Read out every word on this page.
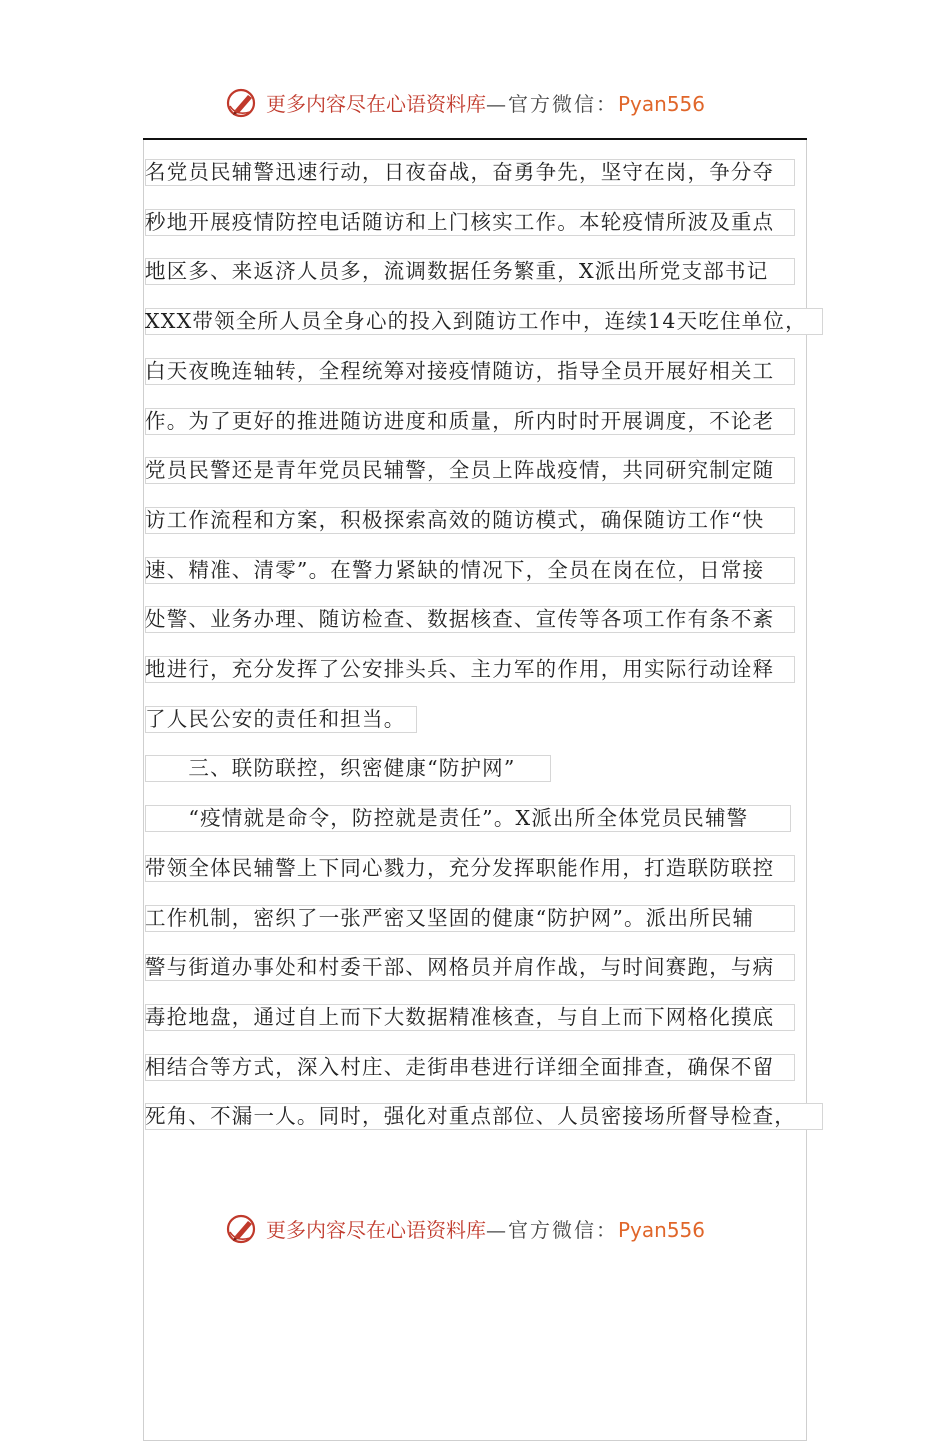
更多内容尽在心语资料库—官方微信：Pyan556
名党员民辅警迅速行动，日夜奋战，奋勇争先，坚守在岗，争分夺
秒地开展疫情防控电话随访和上门核实工作。本轮疫情所波及重点
地区多、来返济人员多，流调数据任务繁重，X派出所党支部书记
XXX带领全所人员全身心的投入到随访工作中，连续14天吃住单位，
白天夜晚连轴转，全程统筹对接疫情随访，指导全员开展好相关工
作。为了更好的推进随访进度和质量，所内时时开展调度，不论老
党员民警还是青年党员民辅警，全员上阵战疫情，共同研究制定随
访工作流程和方案，积极探索高效的随访模式，确保随访工作“快
速、精准、清零”。在警力紧缺的情况下，全员在岗在位，日常接
处警、业务办理、随访检查、数据核查、宣传等各项工作有条不紊
地进行，充分发挥了公安排头兵、主力军的作用，用实际行动诠释
了人民公安的责任和担当。
　　三、联防联控，织密健康“防护网”
　　“疫情就是命令，防控就是责任”。X派出所全体党员民辅警
带领全体民辅警上下同心戮力，充分发挥职能作用，打造联防联控
工作机制，密织了一张严密又坚固的健康“防护网”。派出所民辅
警与街道办事处和村委干部、网格员并肩作战，与时间赛跑，与病
毒抢地盘，通过自上而下大数据精准核查，与自上而下网格化摸底
相结合等方式，深入村庄、走街串巷进行详细全面排查，确保不留
死角、不漏一人。同时，强化对重点部位、人员密接场所督导检查，
更多内容尽在心语资料库—官方微信：Pyan556
